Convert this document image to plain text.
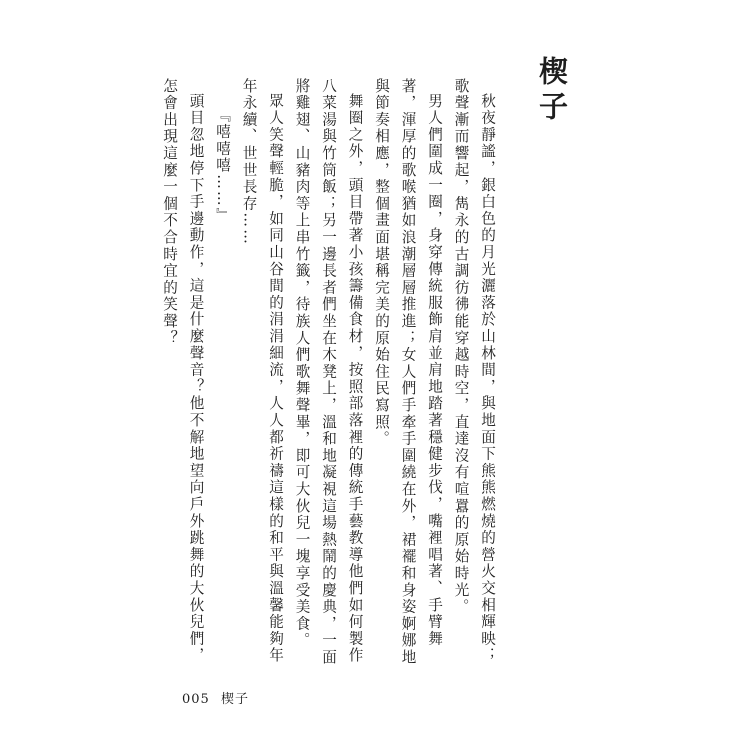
楔子

秋夜靜謐，銀白色的月光灑落於山林間，與地面下熊熊燃燒的營火交相輝映；歌聲漸而響起，雋永的古調彷彿能穿越時空，直達沒有喧囂的原始時光。

男人們圍成一圈，身穿傳統服飾肩並肩地踏著穩健步伐，嘴裡唱著、手臂舞著，渾厚的歌喉猶如浪潮層層推進；女人們手牽手圍繞在外，裙襬和身姿婀娜地與節奏相應，整個畫面堪稱完美的原始住民寫照。

舞圈之外，頭目帶著小孩籌備食材，按照部落裡的傳統手藝教導他們如何製作八菜湯與竹筒飯；另一邊長者們坐在木凳上，溫和地凝視這場熱鬧的慶典，一面將雞翅、山豬肉等上串竹籤，待族人們歌舞聲畢，即可大伙兒一塊享受美食。

眾人笑聲輕脆，如同山谷間的涓涓細流，人人都祈禱這樣的和平與溫馨能夠年年永續、世世長存……

『嘻嘻嘻……』

頭目忽地停下手邊動作，這是什麼聲音？他不解地望向戶外跳舞的大伙兒們，怎會出現這麼一個不合時宜的笑聲？

005 楔子
